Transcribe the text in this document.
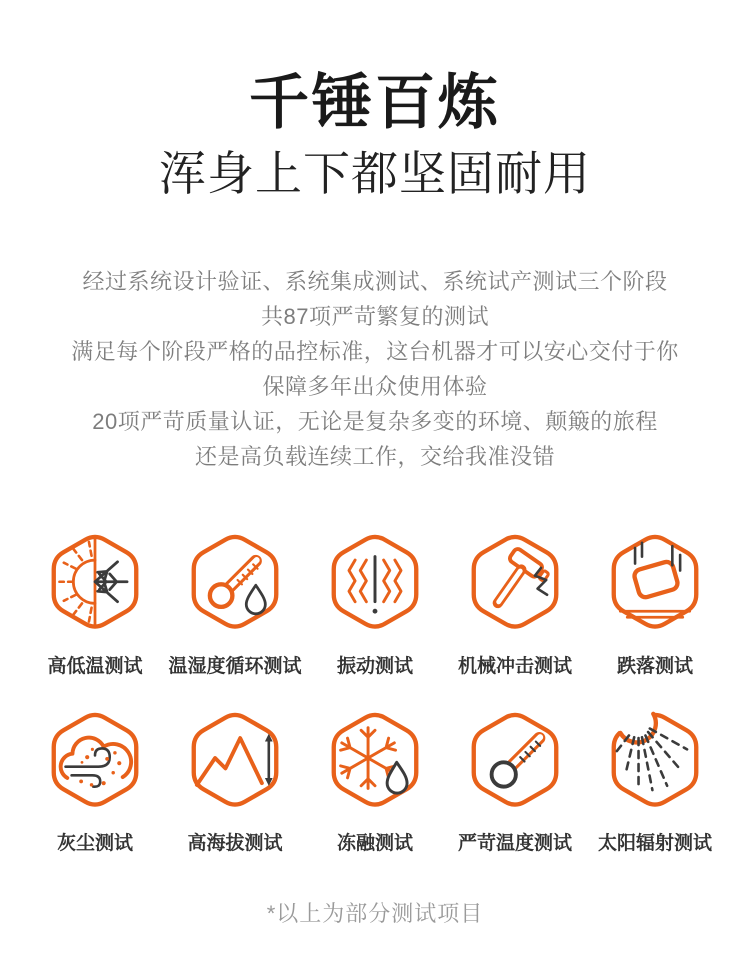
千锤百炼
浑身上下都坚固耐用
经过系统设计验证、系统集成测试、系统试产测试三个阶段
共87项严苛繁复的测试
满足每个阶段严格的品控标准，这台机器才可以安心交付于你
保障多年出众使用体验
20项严苛质量认证，无论是复杂多变的环境、颠簸的旅程
还是高负载连续工作，交给我准没错
高低温测试 温湿度循环测试 振动测试 机械冲击测试 跌落测试
灰尘测试	高海拔测试	冻融测试 严苛温度测试 太阳辐射测试
*以上为部分测试项目
